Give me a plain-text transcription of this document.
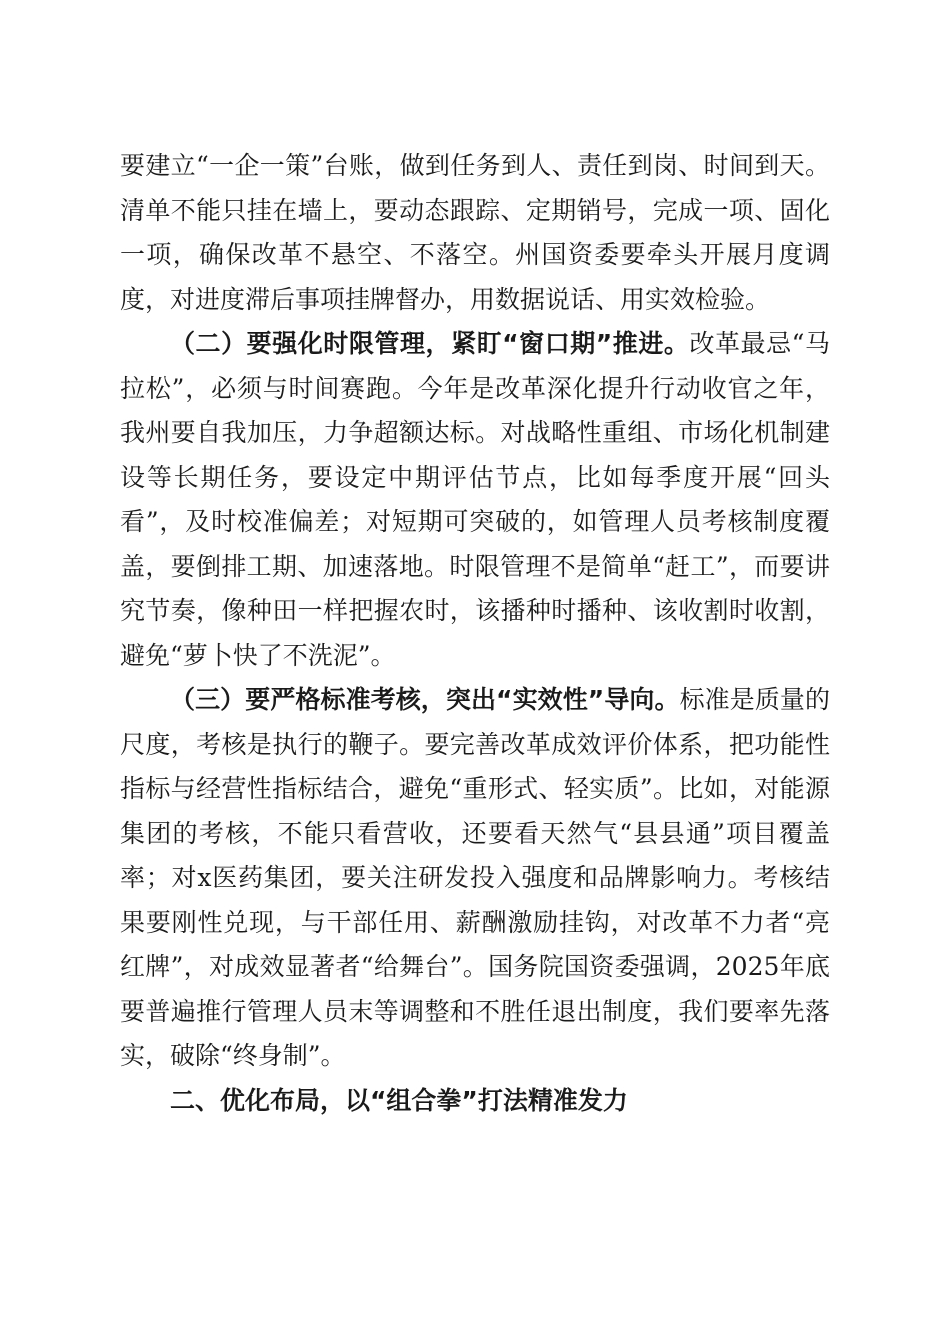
要建立“一企一策”台账，做到任务到人、责任到岗、时间到天。清单不能只挂在墙上，要动态跟踪、定期销号，完成一项、固化一项，确保改革不悬空、不落空。州国资委要牵头开展月度调度，对进度滞后事项挂牌督办，用数据说话、用实效检验。

（二）要强化时限管理，紧盯“窗口期”推进。改革最忌“马拉松”，必须与时间赛跑。今年是改革深化提升行动收官之年，我州要自我加压，力争超额达标。对战略性重组、市场化机制建设等长期任务，要设定中期评估节点，比如每季度开展“回头看”，及时校准偏差；对短期可突破的，如管理人员考核制度覆盖，要倒排工期、加速落地。时限管理不是简单“赶工”，而要讲究节奏，像种田一样把握农时，该播种时播种、该收割时收割，避免“萝卜快了不洗泥”。

（三）要严格标准考核，突出“实效性”导向。标准是质量的尺度，考核是执行的鞭子。要完善改革成效评价体系，把功能性指标与经营性指标结合，避免“重形式、轻实质”。比如，对能源集团的考核，不能只看营收，还要看天然气“县县通”项目覆盖率；对x医药集团，要关注研发投入强度和品牌影响力。考核结果要刚性兑现，与干部任用、薪酬激励挂钩，对改革不力者“亮红牌”，对成效显著者“给舞台”。国务院国资委强调，2025年底要普遍推行管理人员末等调整和不胜任退出制度，我们要率先落实，破除“终身制”。

二、优化布局，以“组合拳”打法精准发力
